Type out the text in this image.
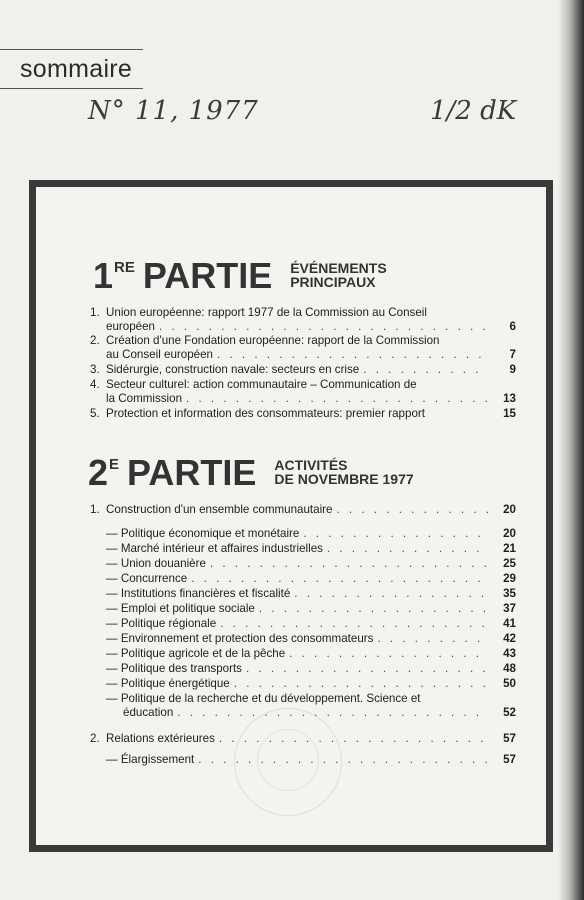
sommaire
N° 11, 1977	1/2 dK
1 RE PARTIE ÉVÉNEMENTS
PRINCIPAUX
1. Union européenne: rapport 1977 de la Commission au Conseil
européen . . .	6
2. Création d'une Fondation européenne: rapport de la Commission
au Conseil européen . . .	7
3. Sidérurgie, construction navale: secteurs en crise . . .	9
4. Secteur culturel: action communautaire – Communication de
la Commission . . .	13
5. Protection et information des consommateurs: premier rapport	15
2 E PARTIE ACTIVITÉS
DE NOVEMBRE 1977
1. Construction d'un ensemble communautaire . . .	20
— Politique économique et monétaire . . .	20
— Marché intérieur et affaires industrielles . . .	21
— Union douanière . . .	25
— Concurrence . . .	29
— Institutions financières et fiscalité . . .	35
— Emploi et politique sociale . . .	37
— Politique régionale . . .	41
— Environnement et protection des consommateurs . . .	42
— Politique agricole et de la pêche . . .	43
— Politique des transports . . .	48
— Politique énergétique . . .	50
— Politique de la recherche et du développement. Science et
éducation . . .	52
2. Relations extérieures . . .	57
— Élargissement . . .	57
